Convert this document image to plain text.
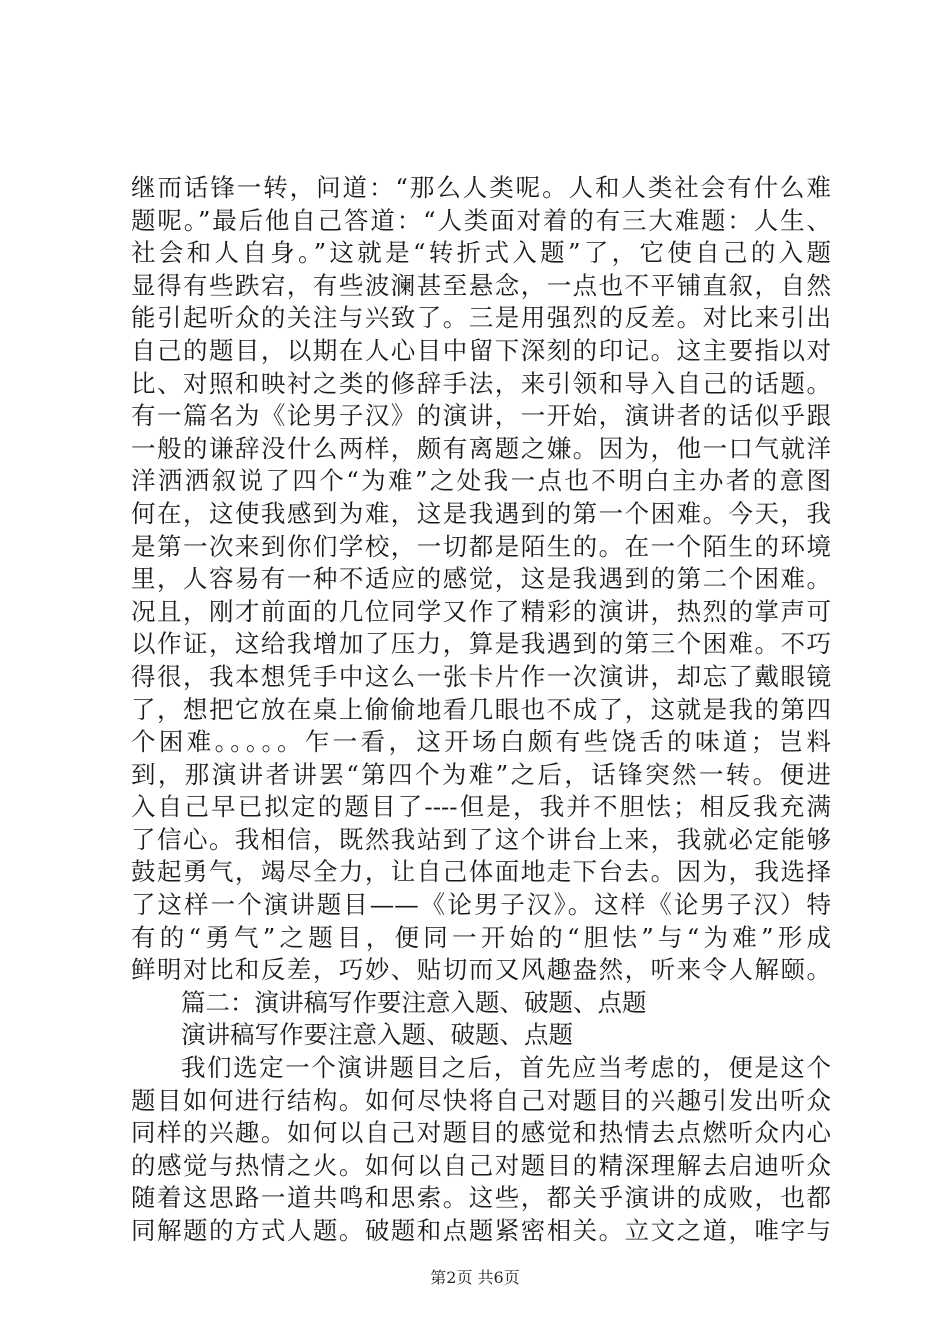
继而话锋一转，问道：“那么人类呢。人和人类社会有什么难
题呢。”最后他自己答道：“人类面对着的有三大难题：人生、
社会和人自身。”这就是“转折式入题”了，它使自己的入题
显得有些跌宕，有些波澜甚至悬念，一点也不平铺直叙，自然
能引起听众的关注与兴致了。三是用强烈的反差。对比来引出
自己的题目，以期在人心目中留下深刻的印记。这主要指以对
比、对照和映衬之类的修辞手法，来引领和导入自己的话题。
有一篇名为《论男子汉》的演讲，一开始，演讲者的话似乎跟
一般的谦辞没什么两样，颇有离题之嫌。因为，他一口气就洋
洋洒洒叙说了四个“为难”之处我一点也不明白主办者的意图
何在，这使我感到为难，这是我遇到的第一个困难。今天，我
是第一次来到你们学校，一切都是陌生的。在一个陌生的环境
里，人容易有一种不适应的感觉，这是我遇到的第二个困难。
况且，刚才前面的几位同学又作了精彩的演讲，热烈的掌声可
以作证，这给我增加了压力，算是我遇到的第三个困难。不巧
得很，我本想凭手中这么一张卡片作一次演讲，却忘了戴眼镜
了，想把它放在桌上偷偷地看几眼也不成了，这就是我的第四
个困难。。。。。乍一看，这开场白颇有些饶舌的味道；岂料
到，那演讲者讲罢“第四个为难”之后，话锋突然一转。便进
入自己早已拟定的题目了----但是，我并不胆怯；相反我充满
了信心。我相信，既然我站到了这个讲台上来，我就必定能够
鼓起勇气，竭尽全力，让自己体面地走下台去。因为，我选择
了这样一个演讲题目——《论男子汉》。这样《论男子汉）特
有的“勇气”之题目，便同一开始的“胆怯”与“为难”形成
鲜明对比和反差，巧妙、贴切而又风趣盎然，听来令人解颐。
篇二：演讲稿写作要注意入题、破题、点题
演讲稿写作要注意入题、破题、点题
我们选定一个演讲题目之后，首先应当考虑的，便是这个
题目如何进行结构。如何尽快将自己对题目的兴趣引发出听众
同样的兴趣。如何以自己对题目的感觉和热情去点燃听众内心
的感觉与热情之火。如何以自己对题目的精深理解去启迪听众
随着这思路一道共鸣和思索。这些，都关乎演讲的成败，也都
同解题的方式人题。破题和点题紧密相关。立文之道，唯字与
第2页 共6页
